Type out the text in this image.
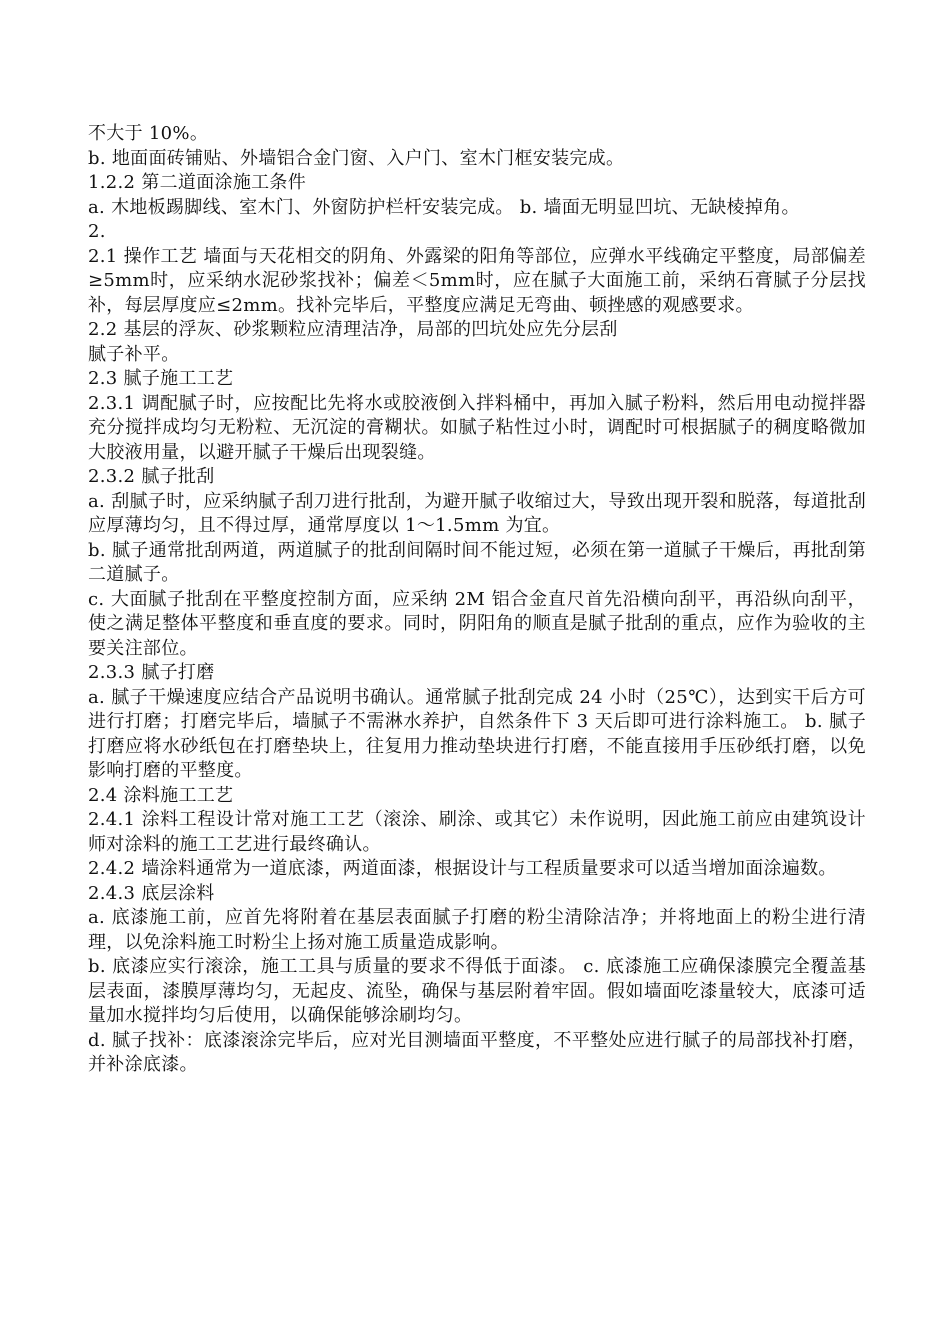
不大于 10%。

b. 地面面砖铺贴、外墙铝合金门窗、入户门、室木门框安装完成。

1.2.2 第二道面涂施工条件

a. 木地板踢脚线、室木门、外窗防护栏杆安装完成。 b. 墙面无明显凹坑、无缺棱掉角。

2.

2.1 操作工艺 墙面与天花相交的阴角、外露梁的阳角等部位，应弹水平线确定平整度，局部偏差≥5mm时，应采纳水泥砂浆找补；偏差＜5mm时，应在腻子大面施工前，采纳石膏腻子分层找补，每层厚度应≤2mm。找补完毕后，平整度应满足无弯曲、顿挫感的观感要求。

2.2 基层的浮灰、砂浆颗粒应清理洁净，局部的凹坑处应先分层刮

腻子补平。

2.3 腻子施工工艺

2.3.1 调配腻子时，应按配比先将水或胶液倒入拌料桶中，再加入腻子粉料，然后用电动搅拌器充分搅拌成均匀无粉粒、无沉淀的膏糊状。如腻子粘性过小时，调配时可根据腻子的稠度略微加大胶液用量，以避开腻子干燥后出现裂缝。

2.3.2 腻子批刮

a. 刮腻子时，应采纳腻子刮刀进行批刮，为避开腻子收缩过大，导致出现开裂和脱落，每道批刮应厚薄均匀，且不得过厚，通常厚度以 1～1.5mm 为宜。

b. 腻子通常批刮两道，两道腻子的批刮间隔时间不能过短，必须在第一道腻子干燥后，再批刮第二道腻子。

c. 大面腻子批刮在平整度控制方面，应采纳 2M 铝合金直尺首先沿横向刮平，再沿纵向刮平，使之满足整体平整度和垂直度的要求。同时，阴阳角的顺直是腻子批刮的重点，应作为验收的主要关注部位。

2.3.3 腻子打磨

a. 腻子干燥速度应结合产品说明书确认。通常腻子批刮完成 24 小时（25℃），达到实干后方可进行打磨；打磨完毕后，墙腻子不需淋水养护，自然条件下 3 天后即可进行涂料施工。 b. 腻子打磨应将水砂纸包在打磨垫块上，往复用力推动垫块进行打磨，不能直接用手压砂纸打磨，以免影响打磨的平整度。

2.4 涂料施工工艺

2.4.1 涂料工程设计常对施工工艺（滚涂、刷涂、或其它）未作说明，因此施工前应由建筑设计师对涂料的施工工艺进行最终确认。

2.4.2 墙涂料通常为一道底漆，两道面漆，根据设计与工程质量要求可以适当增加面涂遍数。

2.4.3 底层涂料

a. 底漆施工前，应首先将附着在基层表面腻子打磨的粉尘清除洁净；并将地面上的粉尘进行清理，以免涂料施工时粉尘上扬对施工质量造成影响。

b. 底漆应实行滚涂，施工工具与质量的要求不得低于面漆。 c. 底漆施工应确保漆膜完全覆盖基层表面，漆膜厚薄均匀，无起皮、流坠，确保与基层附着牢固。假如墙面吃漆量较大，底漆可适量加水搅拌均匀后使用，以确保能够涂刷均匀。

d. 腻子找补：底漆滚涂完毕后，应对光目测墙面平整度，不平整处应进行腻子的局部找补打磨，并补涂底漆。
